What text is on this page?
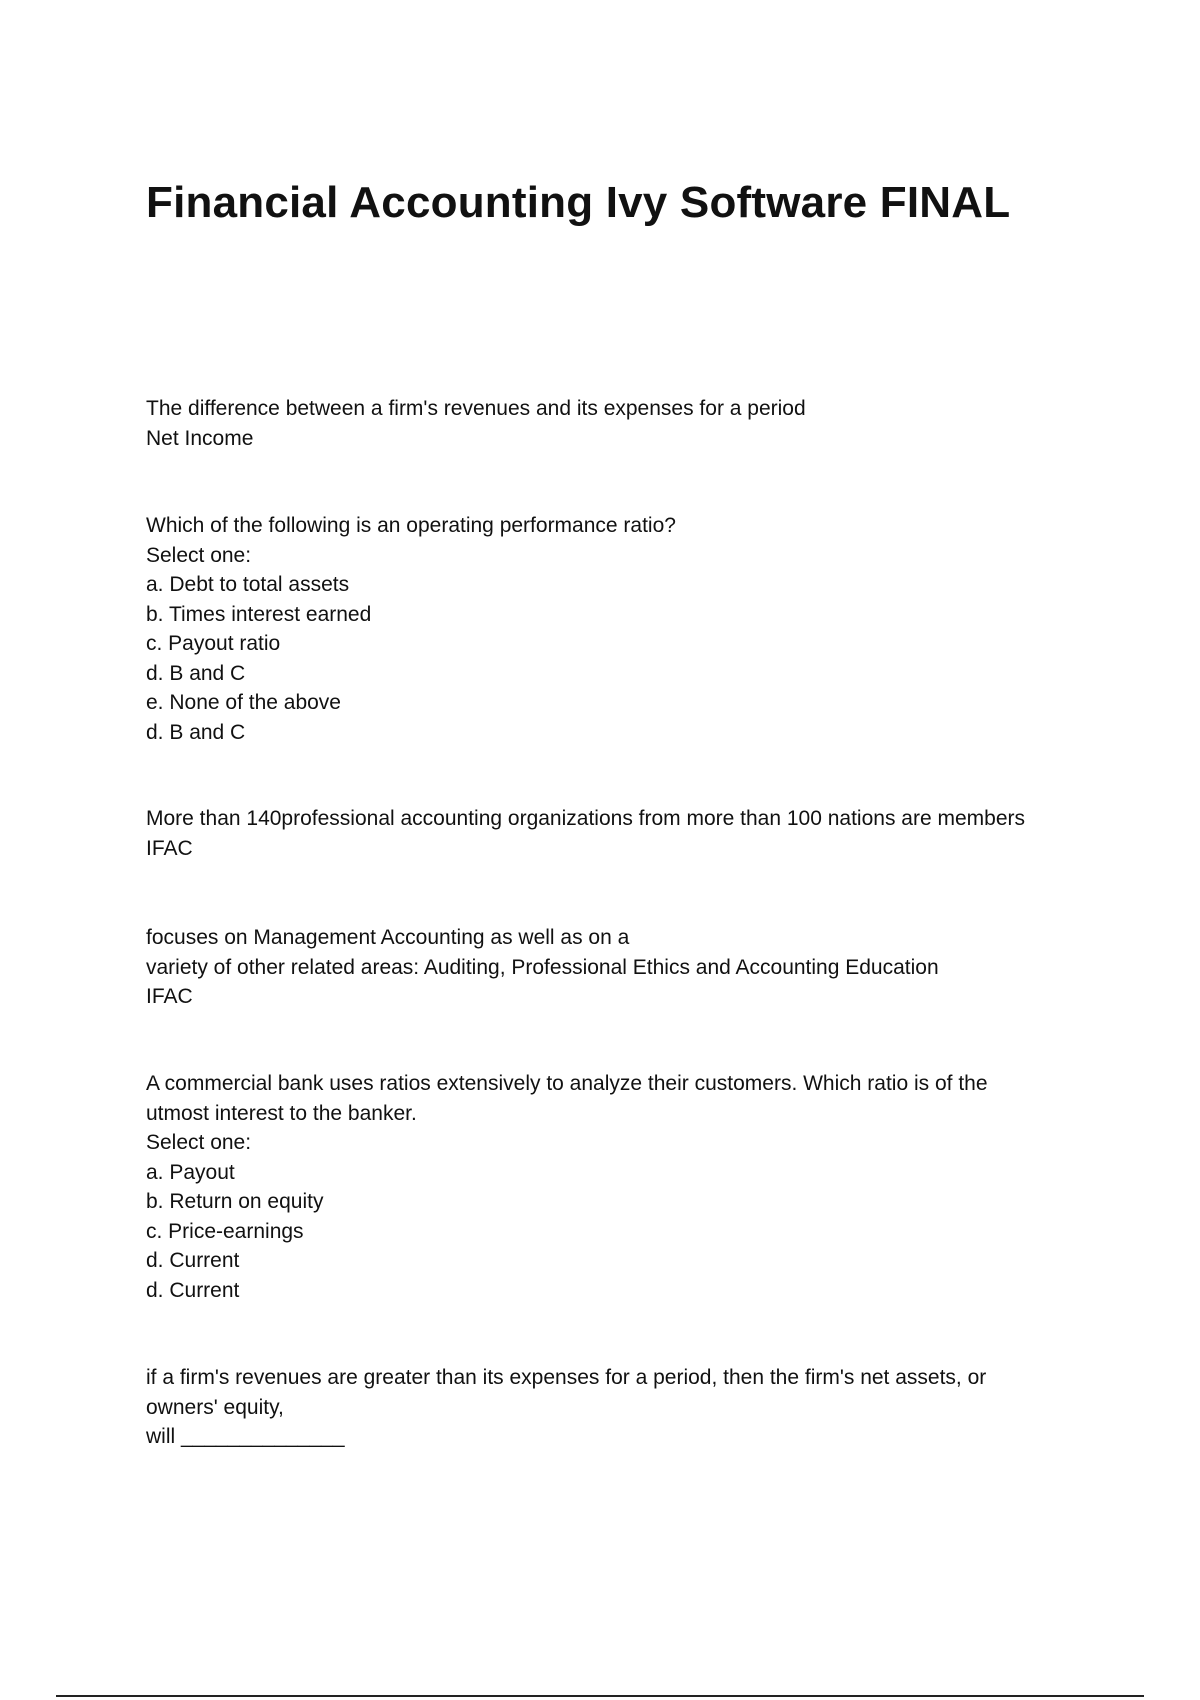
Financial Accounting Ivy Software FINAL
The difference between a firm's revenues and its expenses for a period
Net Income
Which of the following is an operating performance ratio?
Select one:
a. Debt to total assets
b. Times interest earned
c. Payout ratio
d. B and C
e. None of the above
d. B and C
More than 140professional accounting organizations from more than 100 nations are members
IFAC
focuses on Management Accounting as well as on a
variety of other related areas: Auditing, Professional Ethics and Accounting Education
IFAC
A commercial bank uses ratios extensively to analyze their customers. Which ratio is of the
utmost interest to the banker.
Select one:
a. Payout
b. Return on equity
c. Price-earnings
d. Current
d. Current
if a firm's revenues are greater than its expenses for a period, then the firm's net assets, or
owners' equity,
will ______________
